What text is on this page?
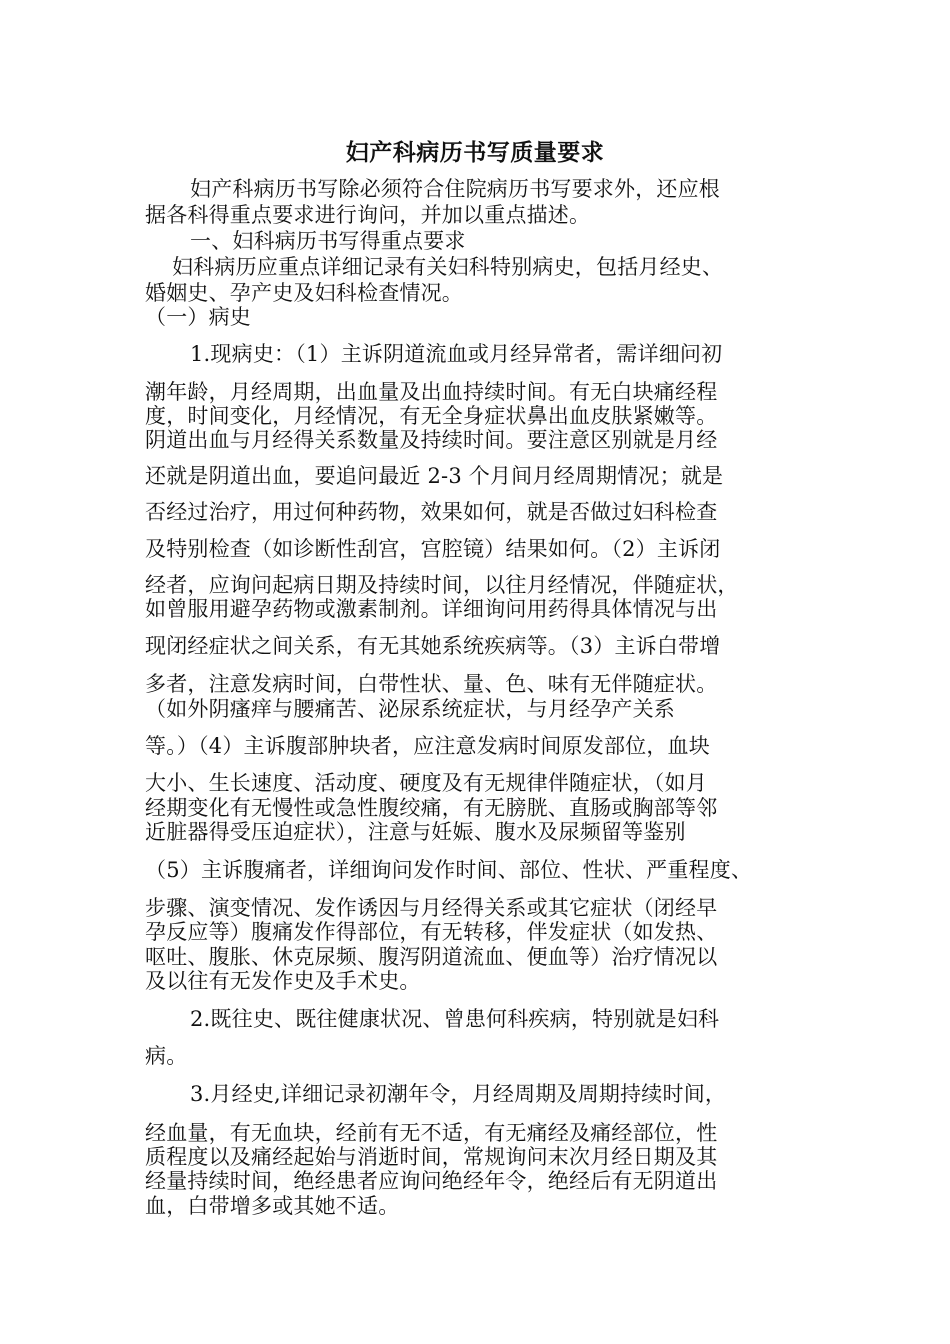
妇产科病历书写质量要求
妇产科病历书写除必须符合住院病历书写要求外，还应根
据各科得重点要求进行询问，并加以重点描述。
一、妇科病历书写得重点要求
妇科病历应重点详细记录有关妇科特别病史，包括月经史、
婚姻史、孕产史及妇科检查情况。
（一）病史
1.现病史：（1）主诉阴道流血或月经异常者，需详细问初
潮年龄，月经周期，出血量及出血持续时间。有无白块痛经程
度，时间变化，月经情况，有无全身症状鼻出血皮肤紧嫩等。
阴道出血与月经得关系数量及持续时间。要注意区别就是月经
还就是阴道出血，要追问最近 2-3 个月间月经周期情况；就是
否经过治疗，用过何种药物，效果如何，就是否做过妇科检查
及特别检查（如诊断性刮宫，宫腔镜）结果如何。（2）主诉闭
经者，应询问起病日期及持续时间，以往月经情况，伴随症状，
如曾服用避孕药物或激素制剂。详细询问用药得具体情况与出
现闭经症状之间关系，有无其她系统疾病等。（3）主诉白带增
多者，注意发病时间，白带性状、量、色、味有无伴随症状。
（如外阴瘙痒与腰痛苦、泌尿系统症状，与月经孕产关系
等。）（4）主诉腹部肿块者，应注意发病时间原发部位，血块
大小、生长速度、活动度、硬度及有无规律伴随症状，（如月
经期变化有无慢性或急性腹绞痛，有无膀胱、直肠或胸部等邻
近脏器得受压迫症状），注意与妊娠、腹水及尿频留等鉴别
（5）主诉腹痛者，详细询问发作时间、部位、性状、严重程度、
步骤、演变情况、发作诱因与月经得关系或其它症状（闭经早
孕反应等）腹痛发作得部位，有无转移，伴发症状（如发热、
呕吐、腹胀、休克尿频、腹泻阴道流血、便血等）治疗情况以
及以往有无发作史及手术史。
2.既往史、既往健康状况、曾患何科疾病，特别就是妇科
病。
3.月经史,详细记录初潮年令，月经周期及周期持续时间，
经血量，有无血块，经前有无不适，有无痛经及痛经部位，性
质程度以及痛经起始与消逝时间，常规询问末次月经日期及其
经量持续时间，绝经患者应询问绝经年令，绝经后有无阴道出
血，白带增多或其她不适。
